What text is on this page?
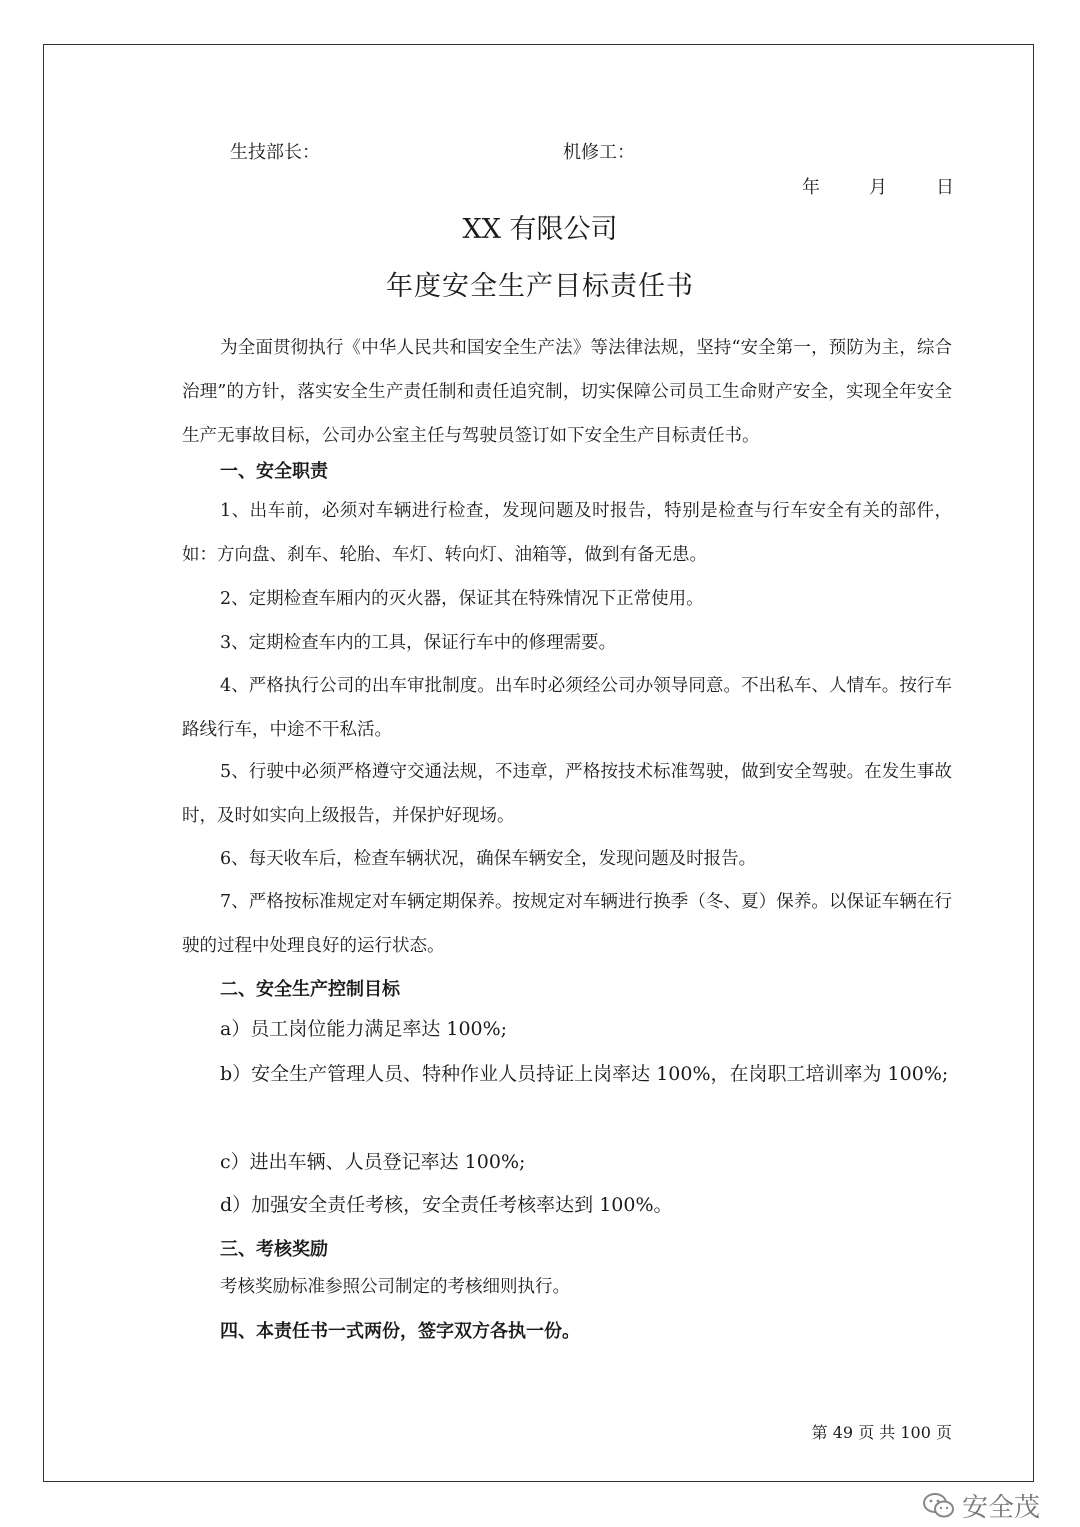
生技部长：	机修工：
年	月	日
XX 有限公司
年度安全生产目标责任书
为全面贯彻执行《中华人民共和国安全生产法》等法律法规，坚持“安全第一，预防为主，综合治理”的方针，落实安全生产责任制和责任追究制，切实保障公司员工生命财产安全，实现全年安全生产无事故目标，公司办公室主任与驾驶员签订如下安全生产目标责任书。
一、安全职责
1、出车前，必须对车辆进行检查，发现问题及时报告，特别是检查与行车安全有关的部件，如：方向盘、刹车、轮胎、车灯、转向灯、油箱等，做到有备无患。
2、定期检查车厢内的灭火器，保证其在特殊情况下正常使用。
3、定期检查车内的工具，保证行车中的修理需要。
4、严格执行公司的出车审批制度。出车时必须经公司办领导同意。不出私车、人情车。按行车路线行车，中途不干私活。
5、行驶中必须严格遵守交通法规，不违章，严格按技术标准驾驶，做到安全驾驶。在发生事故时，及时如实向上级报告，并保护好现场。
6、每天收车后，检查车辆状况，确保车辆安全，发现问题及时报告。
7、严格按标准规定对车辆定期保养。按规定对车辆进行换季（冬、夏）保养。以保证车辆在行驶的过程中处理良好的运行状态。
二、安全生产控制目标
a）员工岗位能力满足率达 100%;
b）安全生产管理人员、特种作业人员持证上岗率达 100%，在岗职工培训率为 100%;
c）进出车辆、人员登记率达 100%;
d）加强安全责任考核，安全责任考核率达到 100%。
三、考核奖励
考核奖励标准参照公司制定的考核细则执行。
四、本责任书一式两份，签字双方各执一份。
第 49 页 共 100 页
安全茂
